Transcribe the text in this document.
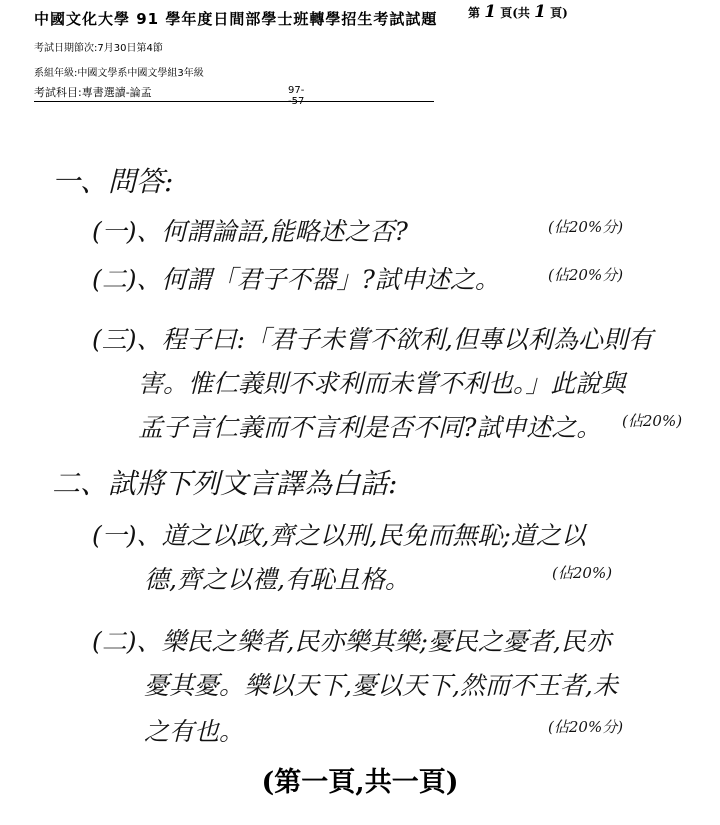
中國文化大學 91 學年度日間部學士班轉學招生考試試題	第 1 頁(共 1 頁)
考試日期節次:7月30日第4節
系組年級:中國文學系中國文學組3年級
考試科目:專書選讀-論孟	97-
一、問答:
(一)、何謂論語,能略述之否?	(佔20%分)
(二)、何謂「君子不器」?試申述之。	(佔20%分)
(三)、程子曰:「君子未嘗不欲利,但專以利為心則有
害。惟仁義則不求利而未嘗不利也。」此說與
孟子言仁義而不言利是否不同?試申述之。 (佔20%)
二、試將下列文言譯為白話:
(一)、道之以政,齊之以刑,民免而無恥;道之以
德,齊之以禮,有恥且格。	(佔20%)
(二)、樂民之樂者,民亦樂其樂;憂民之憂者,民亦
憂其憂。樂以天下,憂以天下,然而不王者,未
之有也。	(佔20%分)
(第一頁,共一頁)
